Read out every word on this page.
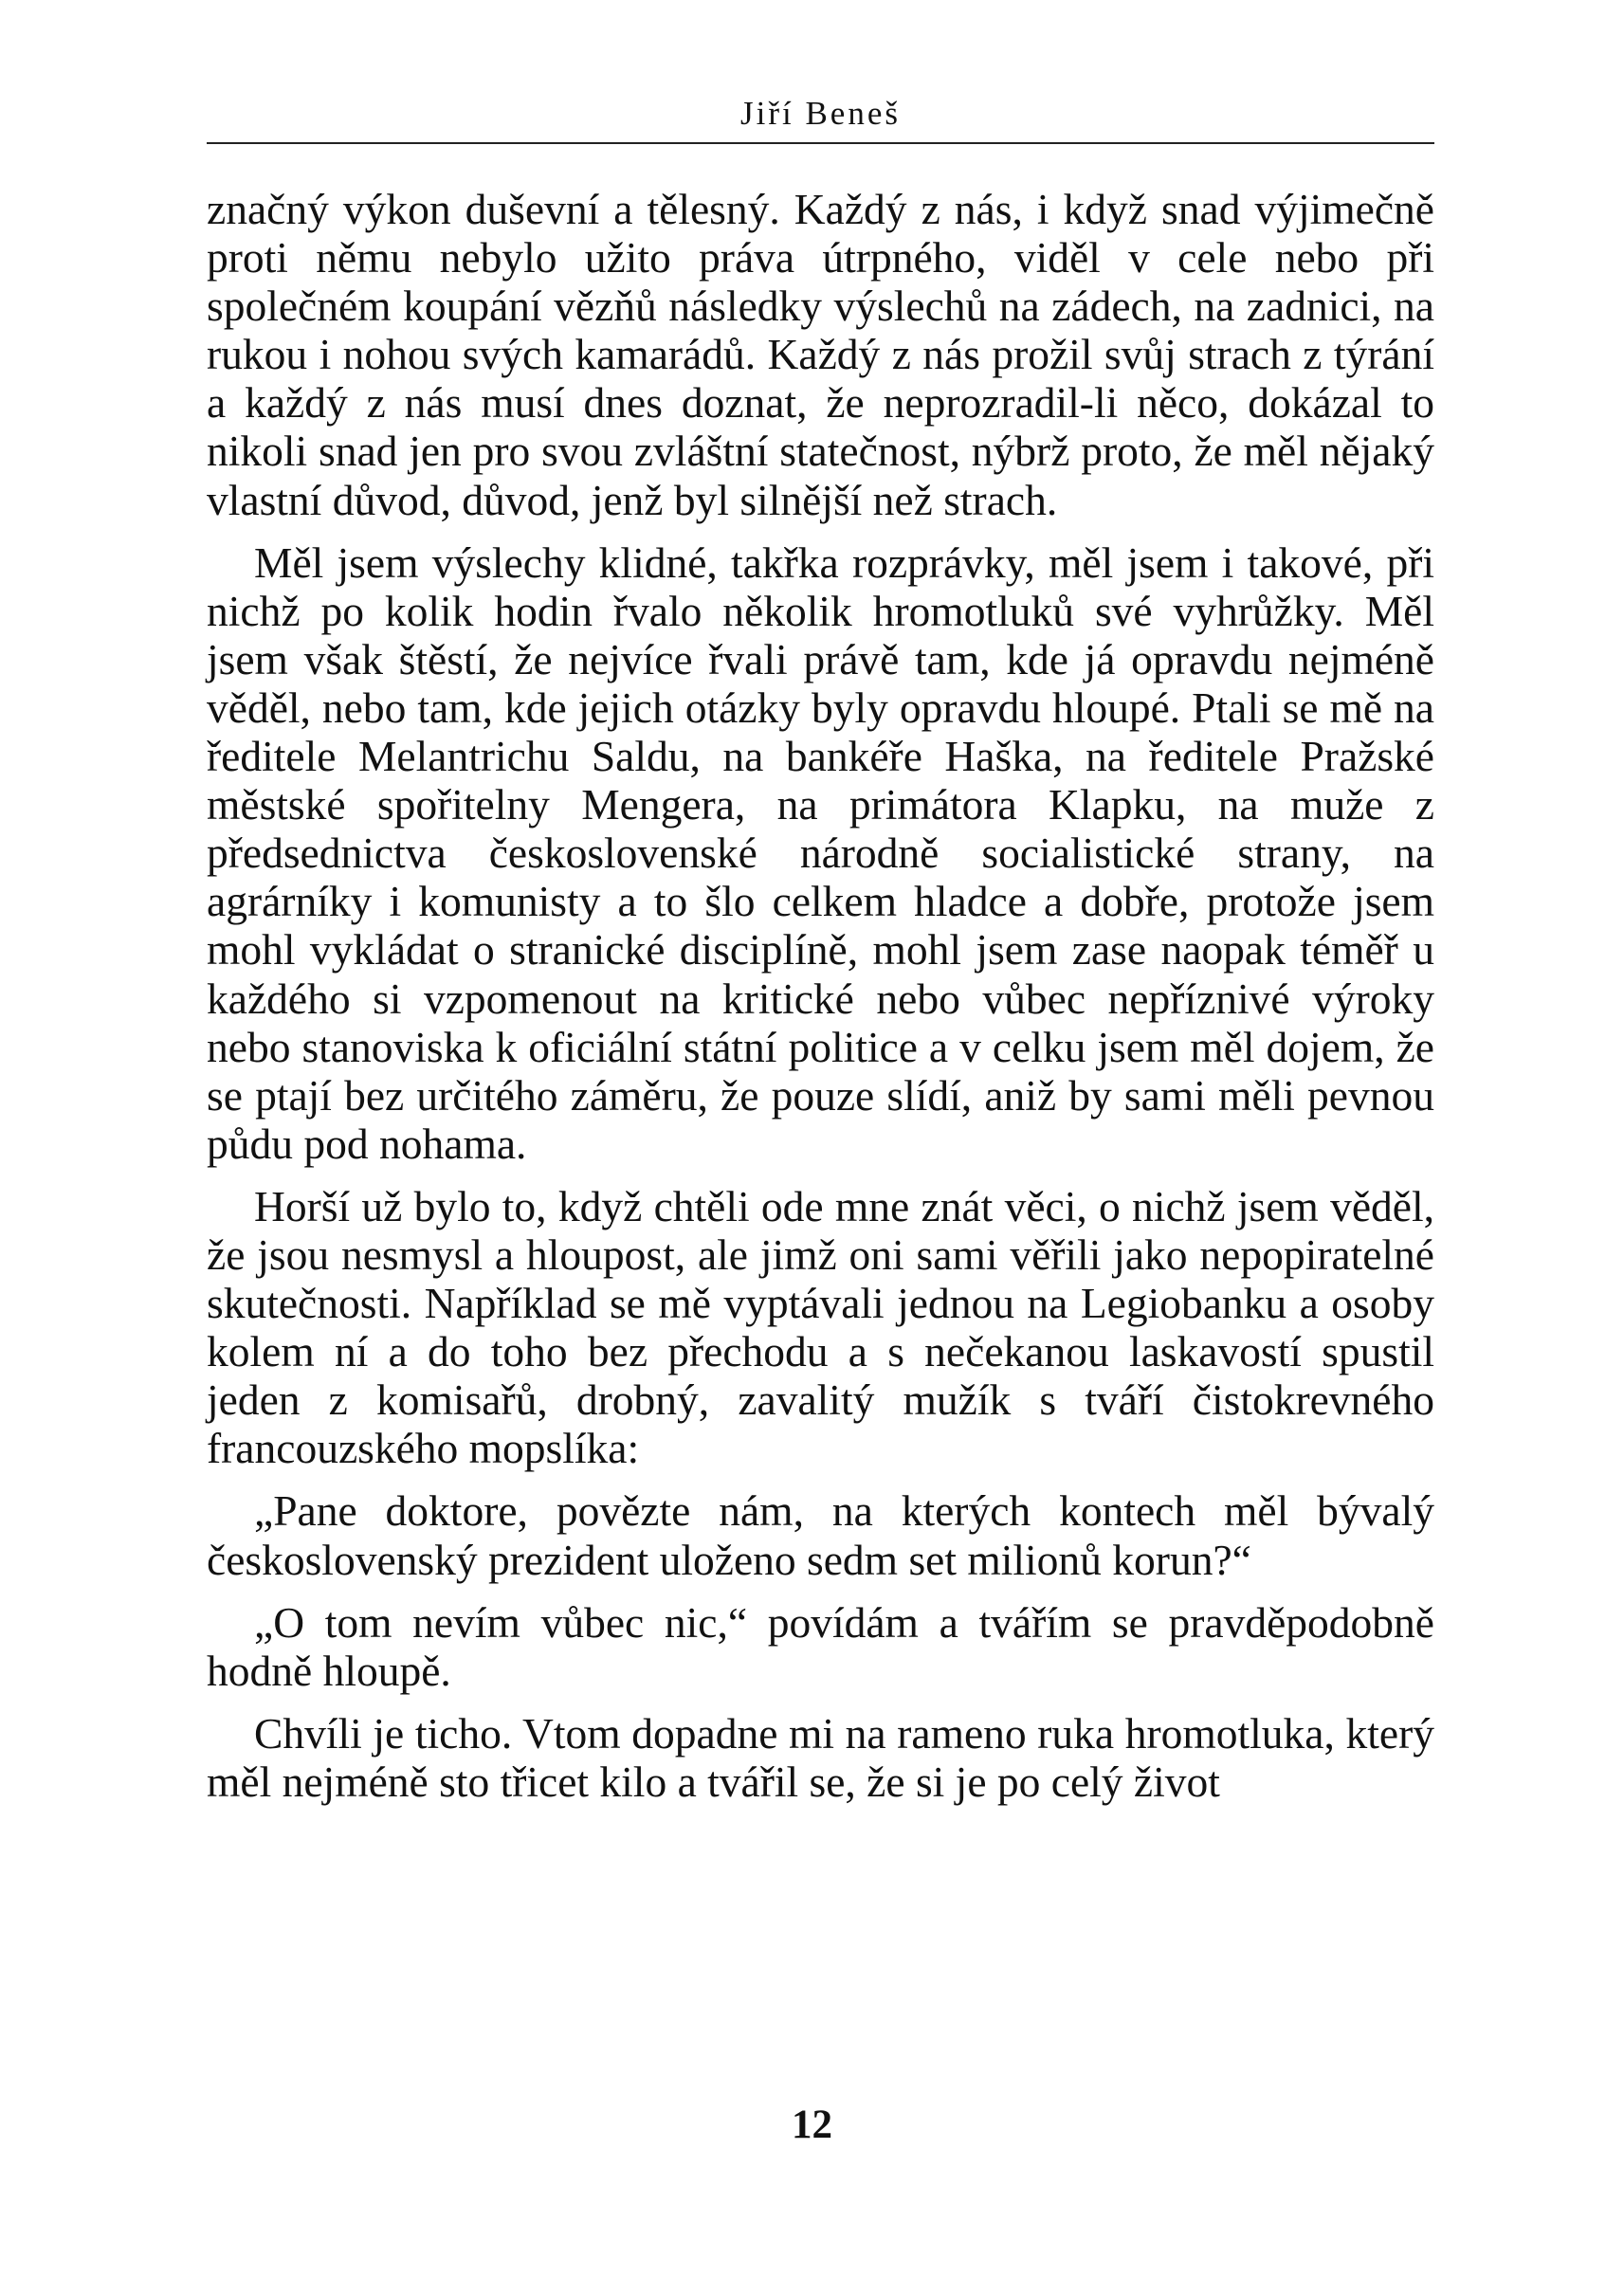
Jiří Beneš

značný výkon duševní a tělesný. Každý z nás, i když snad výjimečně proti němu nebylo užito práva útrpného, viděl v cele nebo při společném koupání vězňů následky výslechů na zádech, na zadnici, na rukou i nohou svých kamarádů. Každý z nás prožil svůj strach z týrání a každý z nás musí dnes doznat, že neprozradil-li něco, dokázal to nikoli snad jen pro svou zvláštní statečnost, nýbrž proto, že měl nějaký vlastní důvod, důvod, jenž byl silnější než strach.

Měl jsem výslechy klidné, takřka rozprávky, měl jsem i takové, při nichž po kolik hodin řvalo několik hromotluků své vyhrůžky. Měl jsem však štěstí, že nejvíce řvali právě tam, kde já opravdu nejméně věděl, nebo tam, kde jejich otázky byly opravdu hloupé. Ptali se mě na ředitele Melantrichu Saldu, na bankéře Haška, na ředitele Pražské městské spořitelny Mengera, na primátora Klapku, na muže z předsednictva československé národně socialistické strany, na agrárníky i komunisty a to šlo celkem hladce a dobře, protože jsem mohl vykládat o stranické disciplíně, mohl jsem zase naopak téměř u každého si vzpomenout na kritické nebo vůbec nepříznivé výroky nebo stanoviska k oficiální státní politice a v celku jsem měl dojem, že se ptají bez určitého záměru, že pouze slídí, aniž by sami měli pevnou půdu pod nohama.

Horší už bylo to, když chtěli ode mne znát věci, o nichž jsem věděl, že jsou nesmysl a hloupost, ale jimž oni sami věřili jako nepopiratelné skutečnosti. Například se mě vyptávali jednou na Legiobanku a osoby kolem ní a do toho bez přechodu a s nečekanou laskavostí spustil jeden z komisařů, drobný, zavalitý mužík s tváří čistokrevného francouzského mopslíka:

„Pane doktore, povězte nám, na kterých kontech měl bývalý československý prezident uloženo sedm set milionů korun?“

„O tom nevím vůbec nic,“ povídám a tvářím se pravděpodobně hodně hloupě.

Chvíli je ticho. Vtom dopadne mi na rameno ruka hromotluka, který měl nejméně sto třicet kilo a tvářil se, že si je po celý život

12
